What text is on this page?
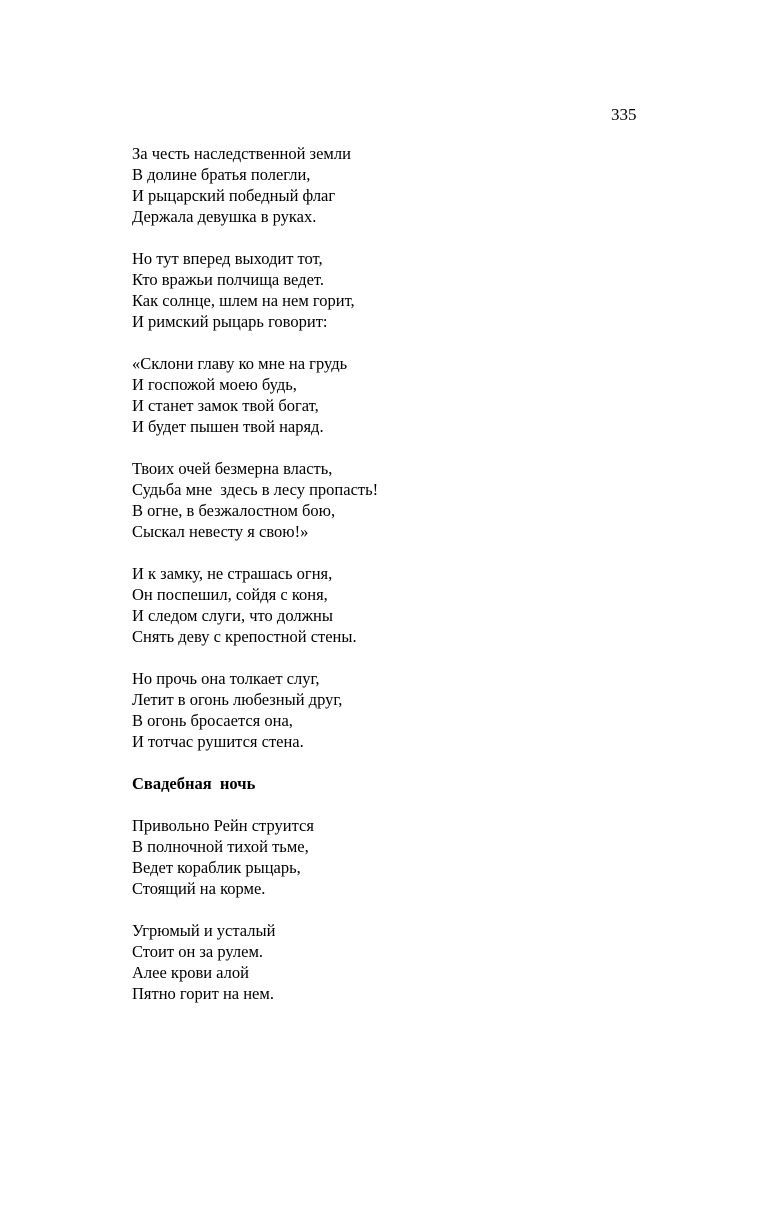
335
За честь наследственной земли
В долине братья полегли,
И рыцарский победный флаг
Держала девушка в руках.
Но тут вперед выходит тот,
Кто вражьи полчища ведет.
Как солнце, шлем на нем горит,
И римский рыцарь говорит:
«Склони главу ко мне на грудь
И госпожой моею будь,
И станет замок твой богат,
И будет пышен твой наряд.
Твоих очей безмерна власть,
Судьба мне  здесь в лесу пропасть!
В огне, в безжалостном бою,
Сыскал невесту я свою!»
И к замку, не страшась огня,
Он поспешил, сойдя с коня,
И следом слуги, что должны
Снять деву с крепостной стены.
Но прочь она толкает слуг,
Летит в огонь любезный друг,
В огонь бросается она,
И тотчас рушится стена.
Свадебная  ночь
Привольно Рейн струится
В полночной тихой тьме,
Ведет кораблик рыцарь,
Стоящий на корме.
Угрюмый и усталый
Стоит он за рулем.
Алее крови алой
Пятно горит на нем.
